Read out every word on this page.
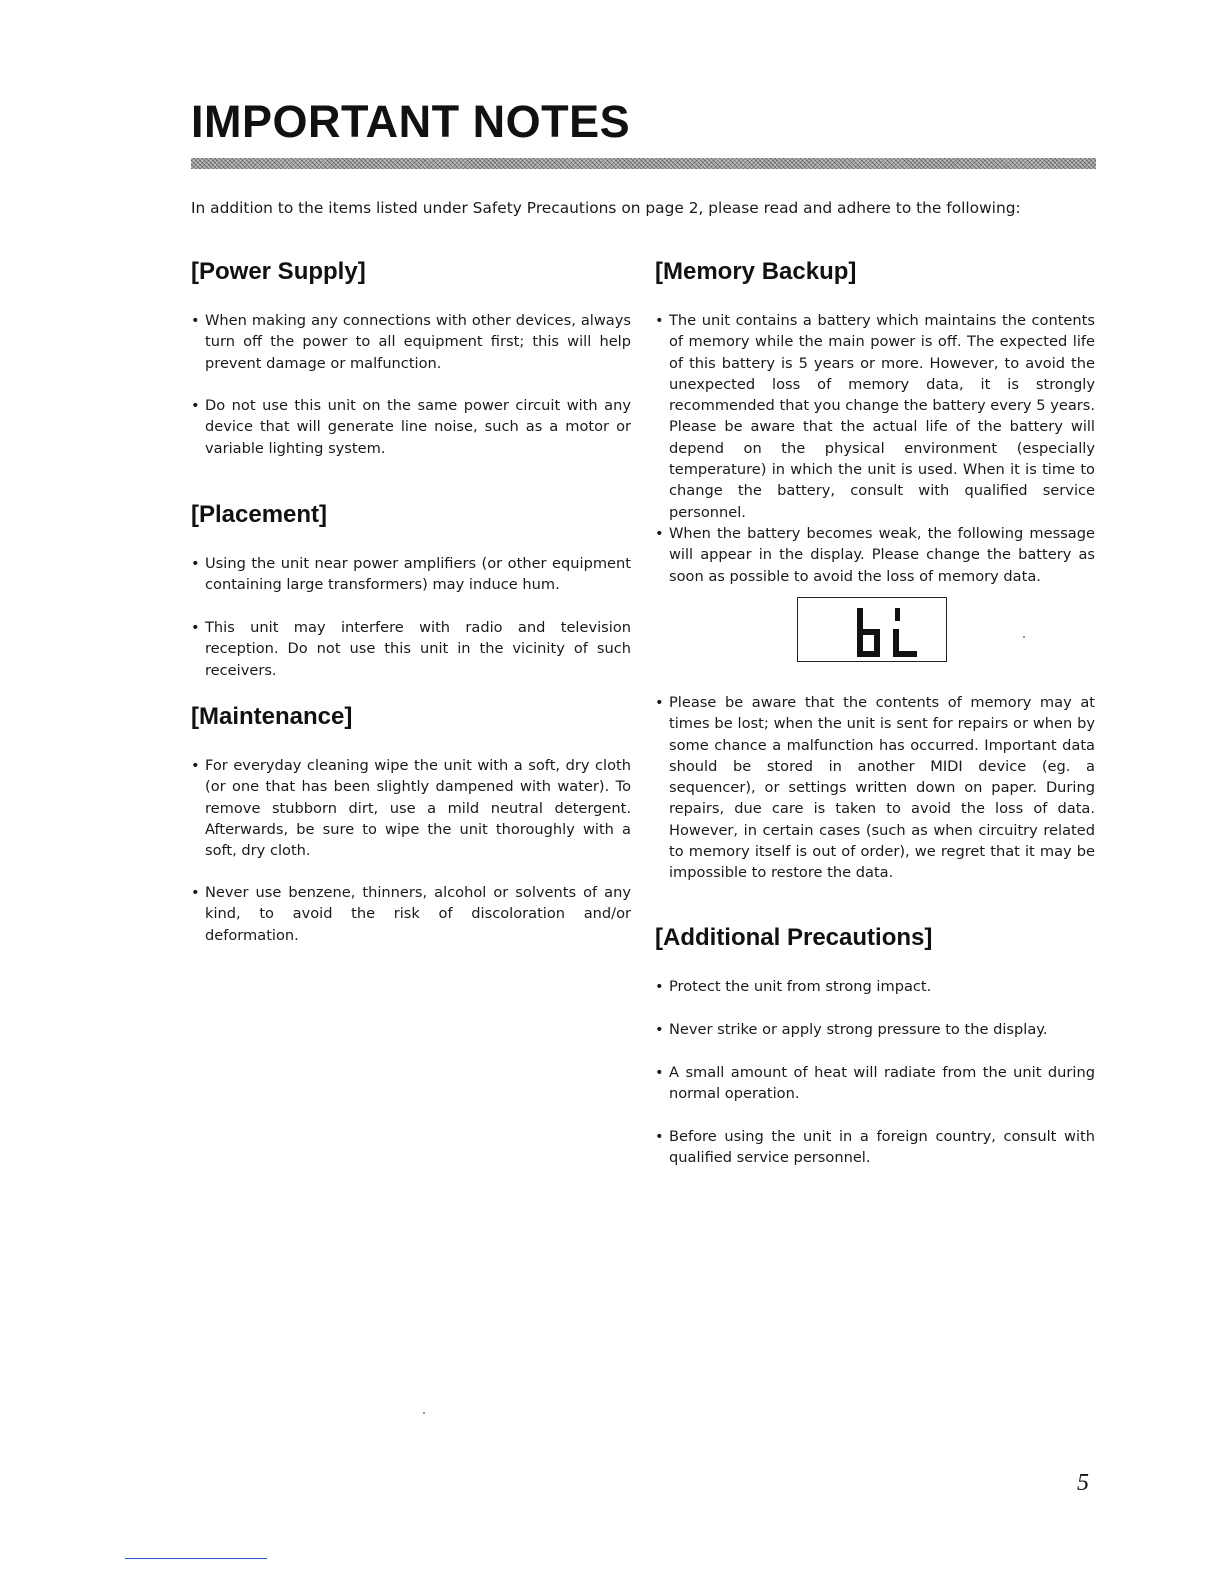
IMPORTANT NOTES
In addition to the items listed under Safety Precautions on page 2, please read and adhere to the following:
[Power Supply]
• When making any connections with other devices, always turn off the power to all equipment first; this will help prevent damage or malfunction.
• Do not use this unit on the same power circuit with any device that will generate line noise, such as a motor or variable lighting system.
[Placement]
• Using the unit near power amplifiers (or other equipment containing large transformers) may induce hum.
• This unit may interfere with radio and television reception. Do not use this unit in the vicinity of such receivers.
[Maintenance]
• For everyday cleaning wipe the unit with a soft, dry cloth (or one that has been slightly dampened with water). To remove stubborn dirt, use a mild neutral detergent. Afterwards, be sure to wipe the unit thoroughly with a soft, dry cloth.
• Never use benzene, thinners, alcohol or solvents of any kind, to avoid the risk of discoloration and/or deformation.
[Memory Backup]
• The unit contains a battery which maintains the contents of memory while the main power is off. The expected life of this battery is 5 years or more. However, to avoid the unexpected loss of memory data, it is strongly recommended that you change the battery every 5 years. Please be aware that the actual life of the battery will depend on the physical environment (especially temperature) in which the unit is used. When it is time to change the battery, consult with qualified service personnel.
• When the battery becomes weak, the following message will appear in the display. Please change the battery as soon as possible to avoid the loss of memory data.
• Please be aware that the contents of memory may at times be lost; when the unit is sent for repairs or when by some chance a malfunction has occurred. Important data should be stored in another MIDI device (eg. a sequencer), or settings written down on paper. During repairs, due care is taken to avoid the loss of data. However, in certain cases (such as when circuitry related to memory itself is out of order), we regret that it may be impossible to restore the data.
[Additional Precautions]
• Protect the unit from strong impact.
• Never strike or apply strong pressure to the display.
• A small amount of heat will radiate from the unit during normal operation.
• Before using the unit in a foreign country, consult with qualified service personnel.
5
